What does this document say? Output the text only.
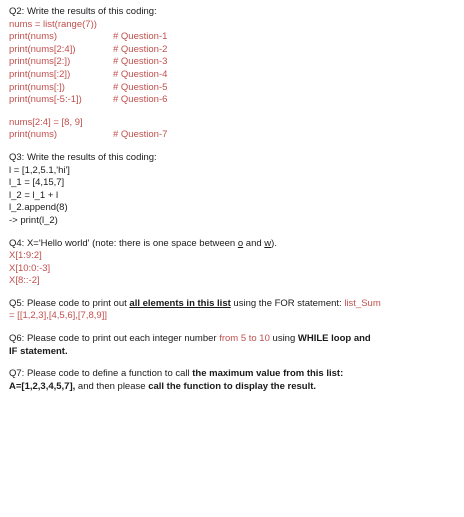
Q2: Write the results of this coding:
nums = list(range(7))
print(nums)	# Question-1
print(nums[2:4])	# Question-2
print(nums[2:])	# Question-3
print(nums[:2])	# Question-4
print(nums[:])	# Question-5
print(nums[-5:-1])	# Question-6
nums[2:4] = [8, 9]
print(nums)	# Question-7
Q3: Write the results of this coding:
l = [1,2,5.1,'hi']
l_1 = [4,15,7]
l_2 = l_1 + l
l_2.append(8)
-> print(l_2)
Q4: X='Hello world' (note: there is one space between o and w).
X[1:9:2]
X[10:0:-3]
X[8::-2]
Q5: Please code to print out all elements in this list using the FOR statement: list_Sum
= [[1,2,3],[4,5,6],[7,8,9]]
Q6: Please code to print out each integer number from 5 to 10 using WHILE loop and
IF statement.
Q7: Please code to define a function to call the maximum value from this list:
A=[1,2,3,4,5,7], and then please call the function to display the result.
